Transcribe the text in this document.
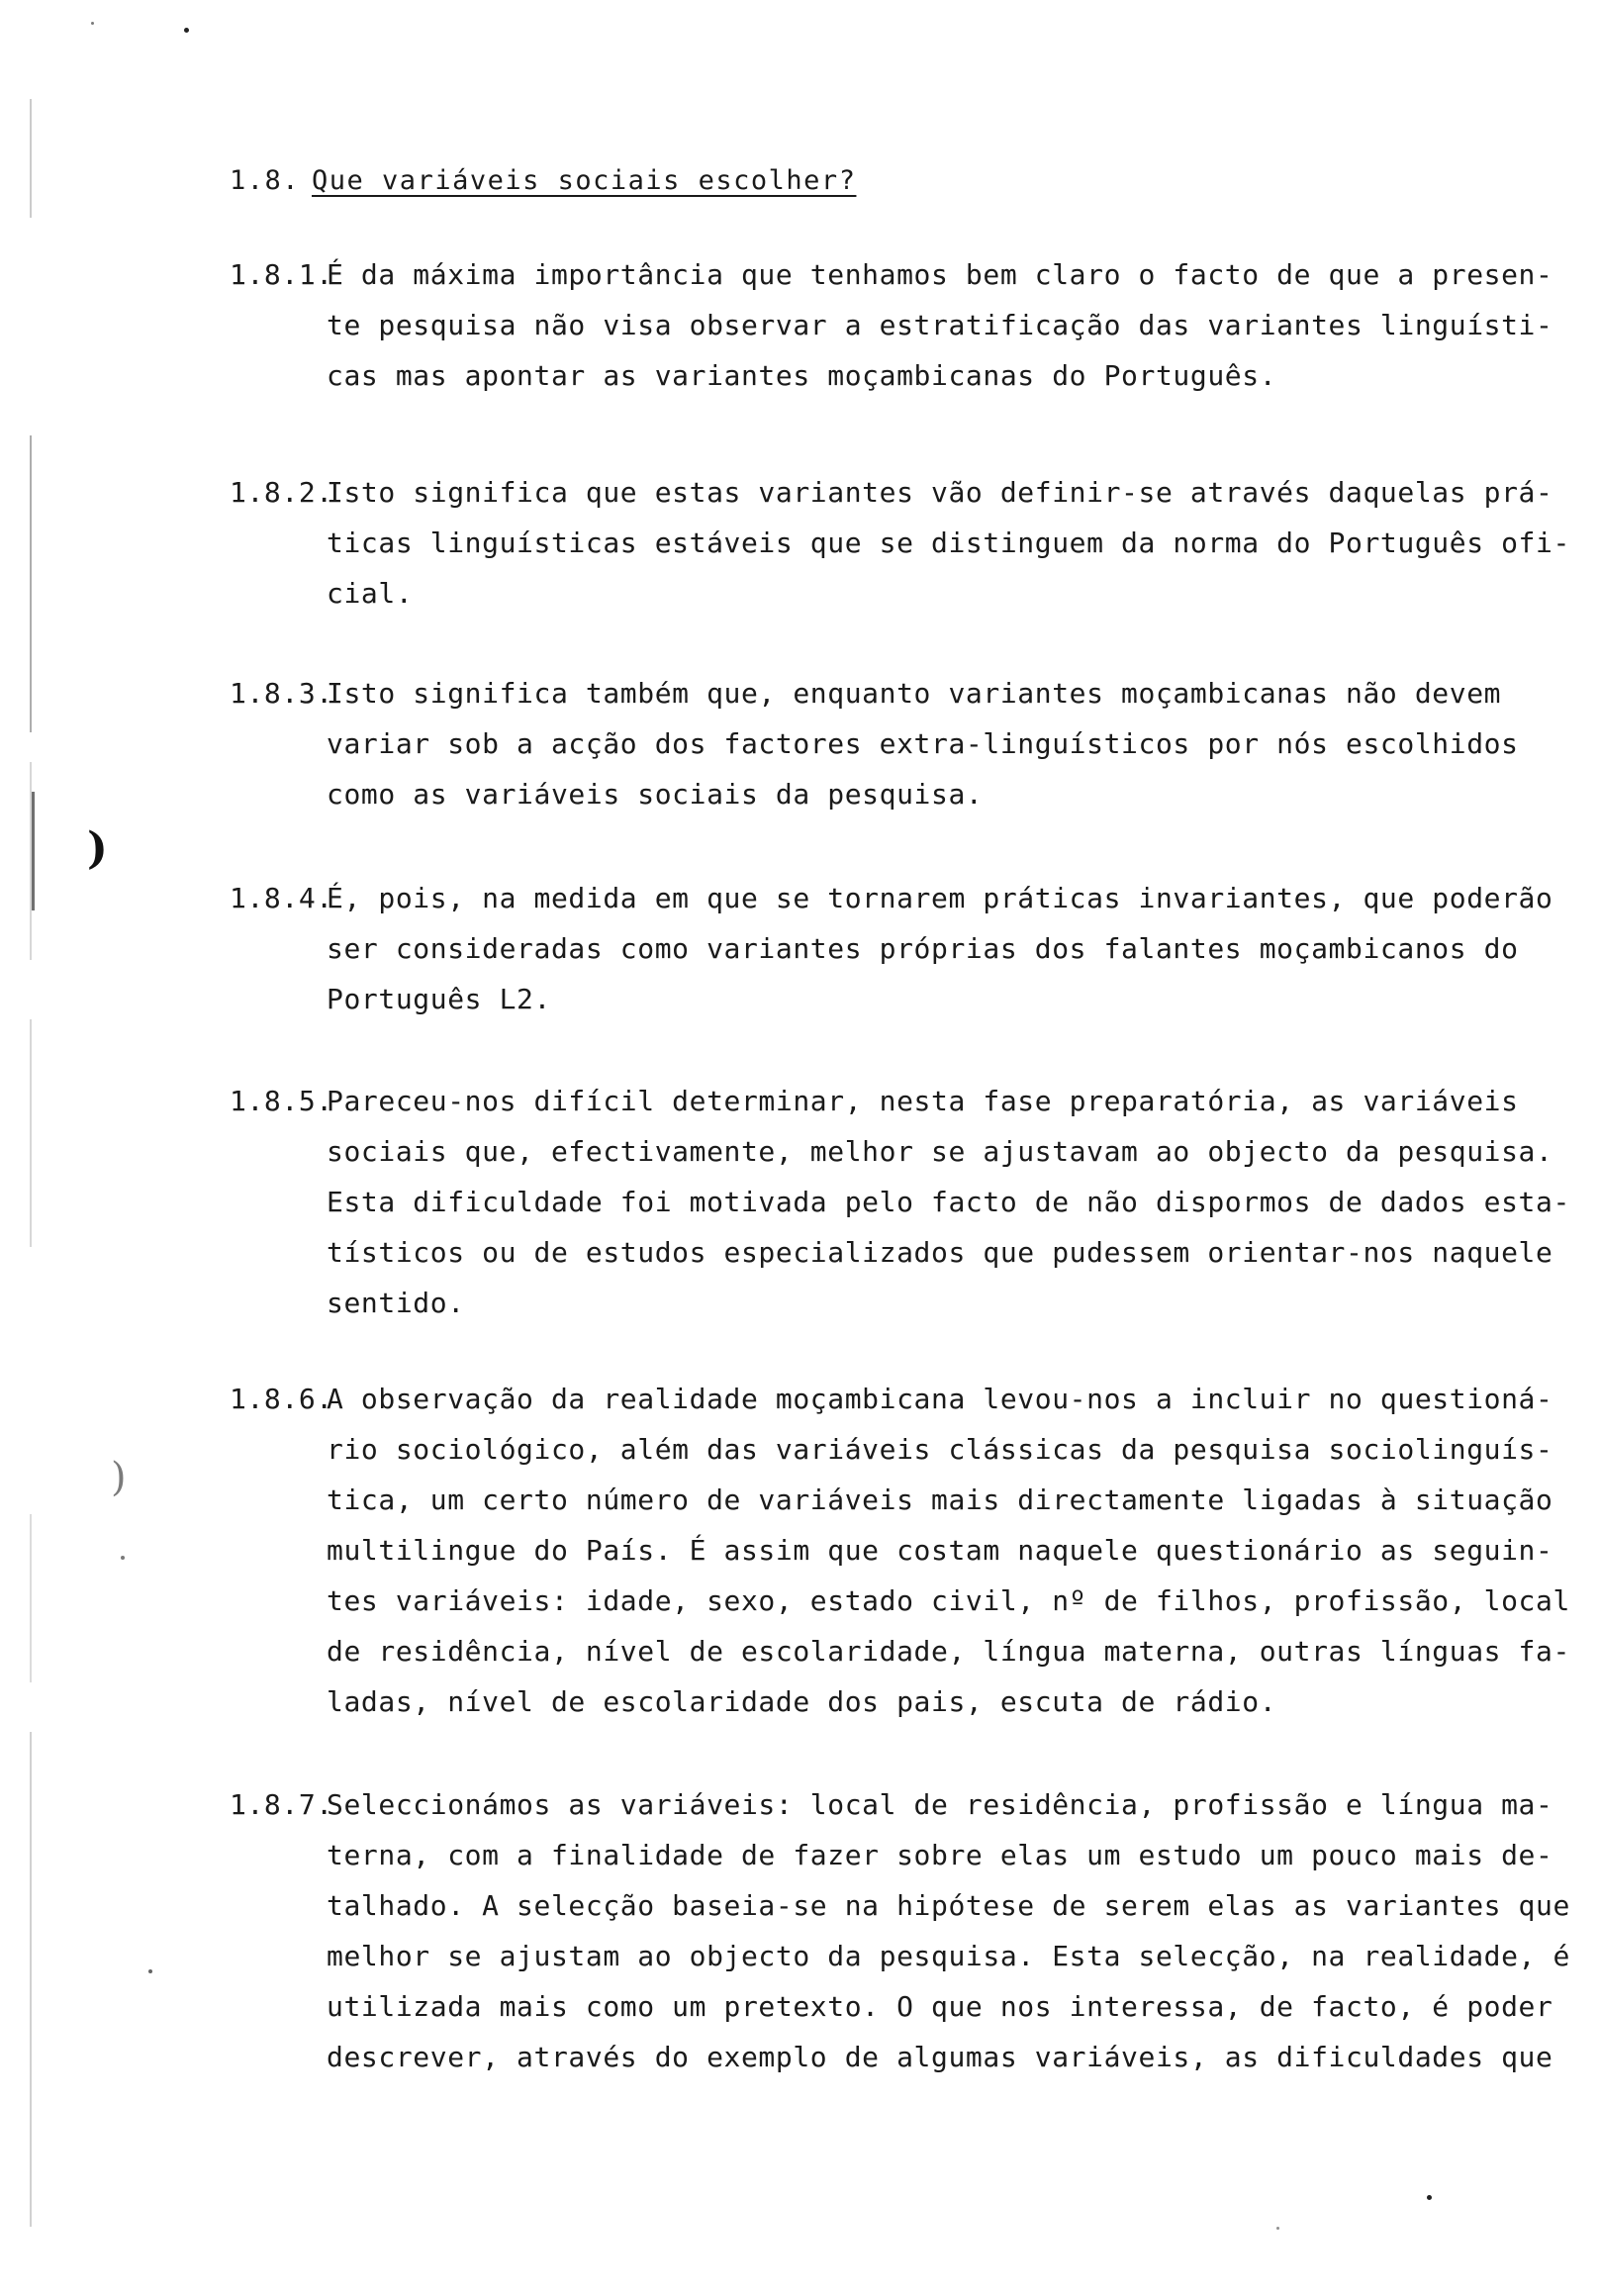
)
)
1.8. Que variáveis sociais escolher?
1.8.1.
É da máxima importância que tenhamos bem claro o facto de que a presen-
te pesquisa não visa observar a estratificação das variantes linguísti-
cas mas apontar as variantes moçambicanas do Português.
1.8.2.
Isto significa que estas variantes vão definir-se através daquelas prá-
ticas linguísticas estáveis que se distinguem da norma do Português ofi-
cial.
1.8.3.
Isto significa também que, enquanto variantes moçambicanas não devem
variar sob a acção dos factores extra-linguísticos por nós escolhidos
como as variáveis sociais da pesquisa.
1.8.4.
É, pois, na medida em que se tornarem práticas invariantes, que poderão
ser consideradas como variantes próprias dos falantes moçambicanos do
Português L2.
1.8.5.
Pareceu-nos difícil determinar, nesta fase preparatória, as variáveis
sociais que, efectivamente, melhor se ajustavam ao objecto da pesquisa.
Esta dificuldade foi motivada pelo facto de não dispormos de dados esta-
tísticos ou de estudos especializados que pudessem orientar-nos naquele
sentido.
1.8.6.
A observação da realidade moçambicana levou-nos a incluir no questioná-
rio sociológico, além das variáveis clássicas da pesquisa sociolinguís-
tica, um certo número de variáveis mais directamente ligadas à situação
multilingue do País. É assim que costam naquele questionário as seguin-
tes variáveis: idade, sexo, estado civil, nº de filhos, profissão, local
de residência, nível de escolaridade, língua materna, outras línguas fa-
ladas, nível de escolaridade dos pais, escuta de rádio.
1.8.7.
Seleccionámos as variáveis: local de residência, profissão e língua ma-
terna, com a finalidade de fazer sobre elas um estudo um pouco mais de-
talhado. A selecção baseia-se na hipótese de serem elas as variantes que
melhor se ajustam ao objecto da pesquisa. Esta selecção, na realidade, é
utilizada mais como um pretexto. O que nos interessa, de facto, é poder
descrever, através do exemplo de algumas variáveis, as dificuldades que
